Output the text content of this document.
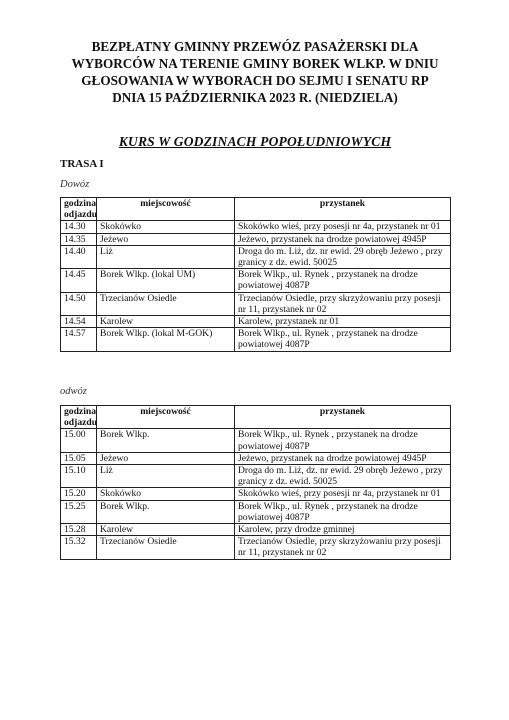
BEZPŁATNY GMINNY PRZEWÓZ PASAŻERSKI DLA
WYBORCÓW NA TERENIE GMINY BOREK WLKP. W DNIU
GŁOSOWANIA W WYBORACH DO SEJMU I SENATU RP
DNIA 15 PAŹDZIERNIKA 2023 R. (NIEDZIELA)

KURS W GODZINACH POPOŁUDNIOWYCH

TRASA I

Dowóz

godzina
odjazdu	miejscowość	przystanek
14.30	Skokówko	Skokówko wieś, przy posesji nr 4a, przystanek nr 01
14.35	Jeżewo	Jeżewo, przystanek na drodze powiatowej 4945P
14.40	Liż	Droga do m. Liż, dz. nr ewid. 29 obręb Jeżewo , przy granicy z dz. ewid. 50025
14.45	Borek Wlkp. (lokal UM)	Borek Wlkp., ul. Rynek , przystanek na drodze powiatowej 4087P
14.50	Trzecianów Osiedle	Trzecianów Osiedle, przy skrzyżowaniu przy posesji nr 11, przystanek nr 02
14.54	Karolew	Karolew, przystanek nr 01
14.57	Borek Wlkp. (lokal M-GOK)	Borek Wlkp., ul. Rynek , przystanek na drodze powiatowej 4087P

odwóz

godzina
odjazdu	miejscowość	przystanek
15.00	Borek Wlkp.	Borek Wlkp., ul. Rynek , przystanek na drodze powiatowej 4087P
15.05	Jeżewo	Jeżewo, przystanek na drodze powiatowej 4945P
15.10	Liż	Droga do m. Liż, dz. nr ewid. 29 obręb Jeżewo , przy granicy z dz. ewid. 50025
15.20	Skokówko	Skokówko wieś, przy posesji nr 4a, przystanek nr 01
15.25	Borek Wlkp.	Borek Wlkp., ul. Rynek , przystanek na drodze powiatowej 4087P
15.28	Karolew	Karolew, przy drodze gminnej
15.32	Trzecianów Osiedle	Trzecianów Osiedle, przy skrzyżowaniu przy posesji nr 11, przystanek nr 02
